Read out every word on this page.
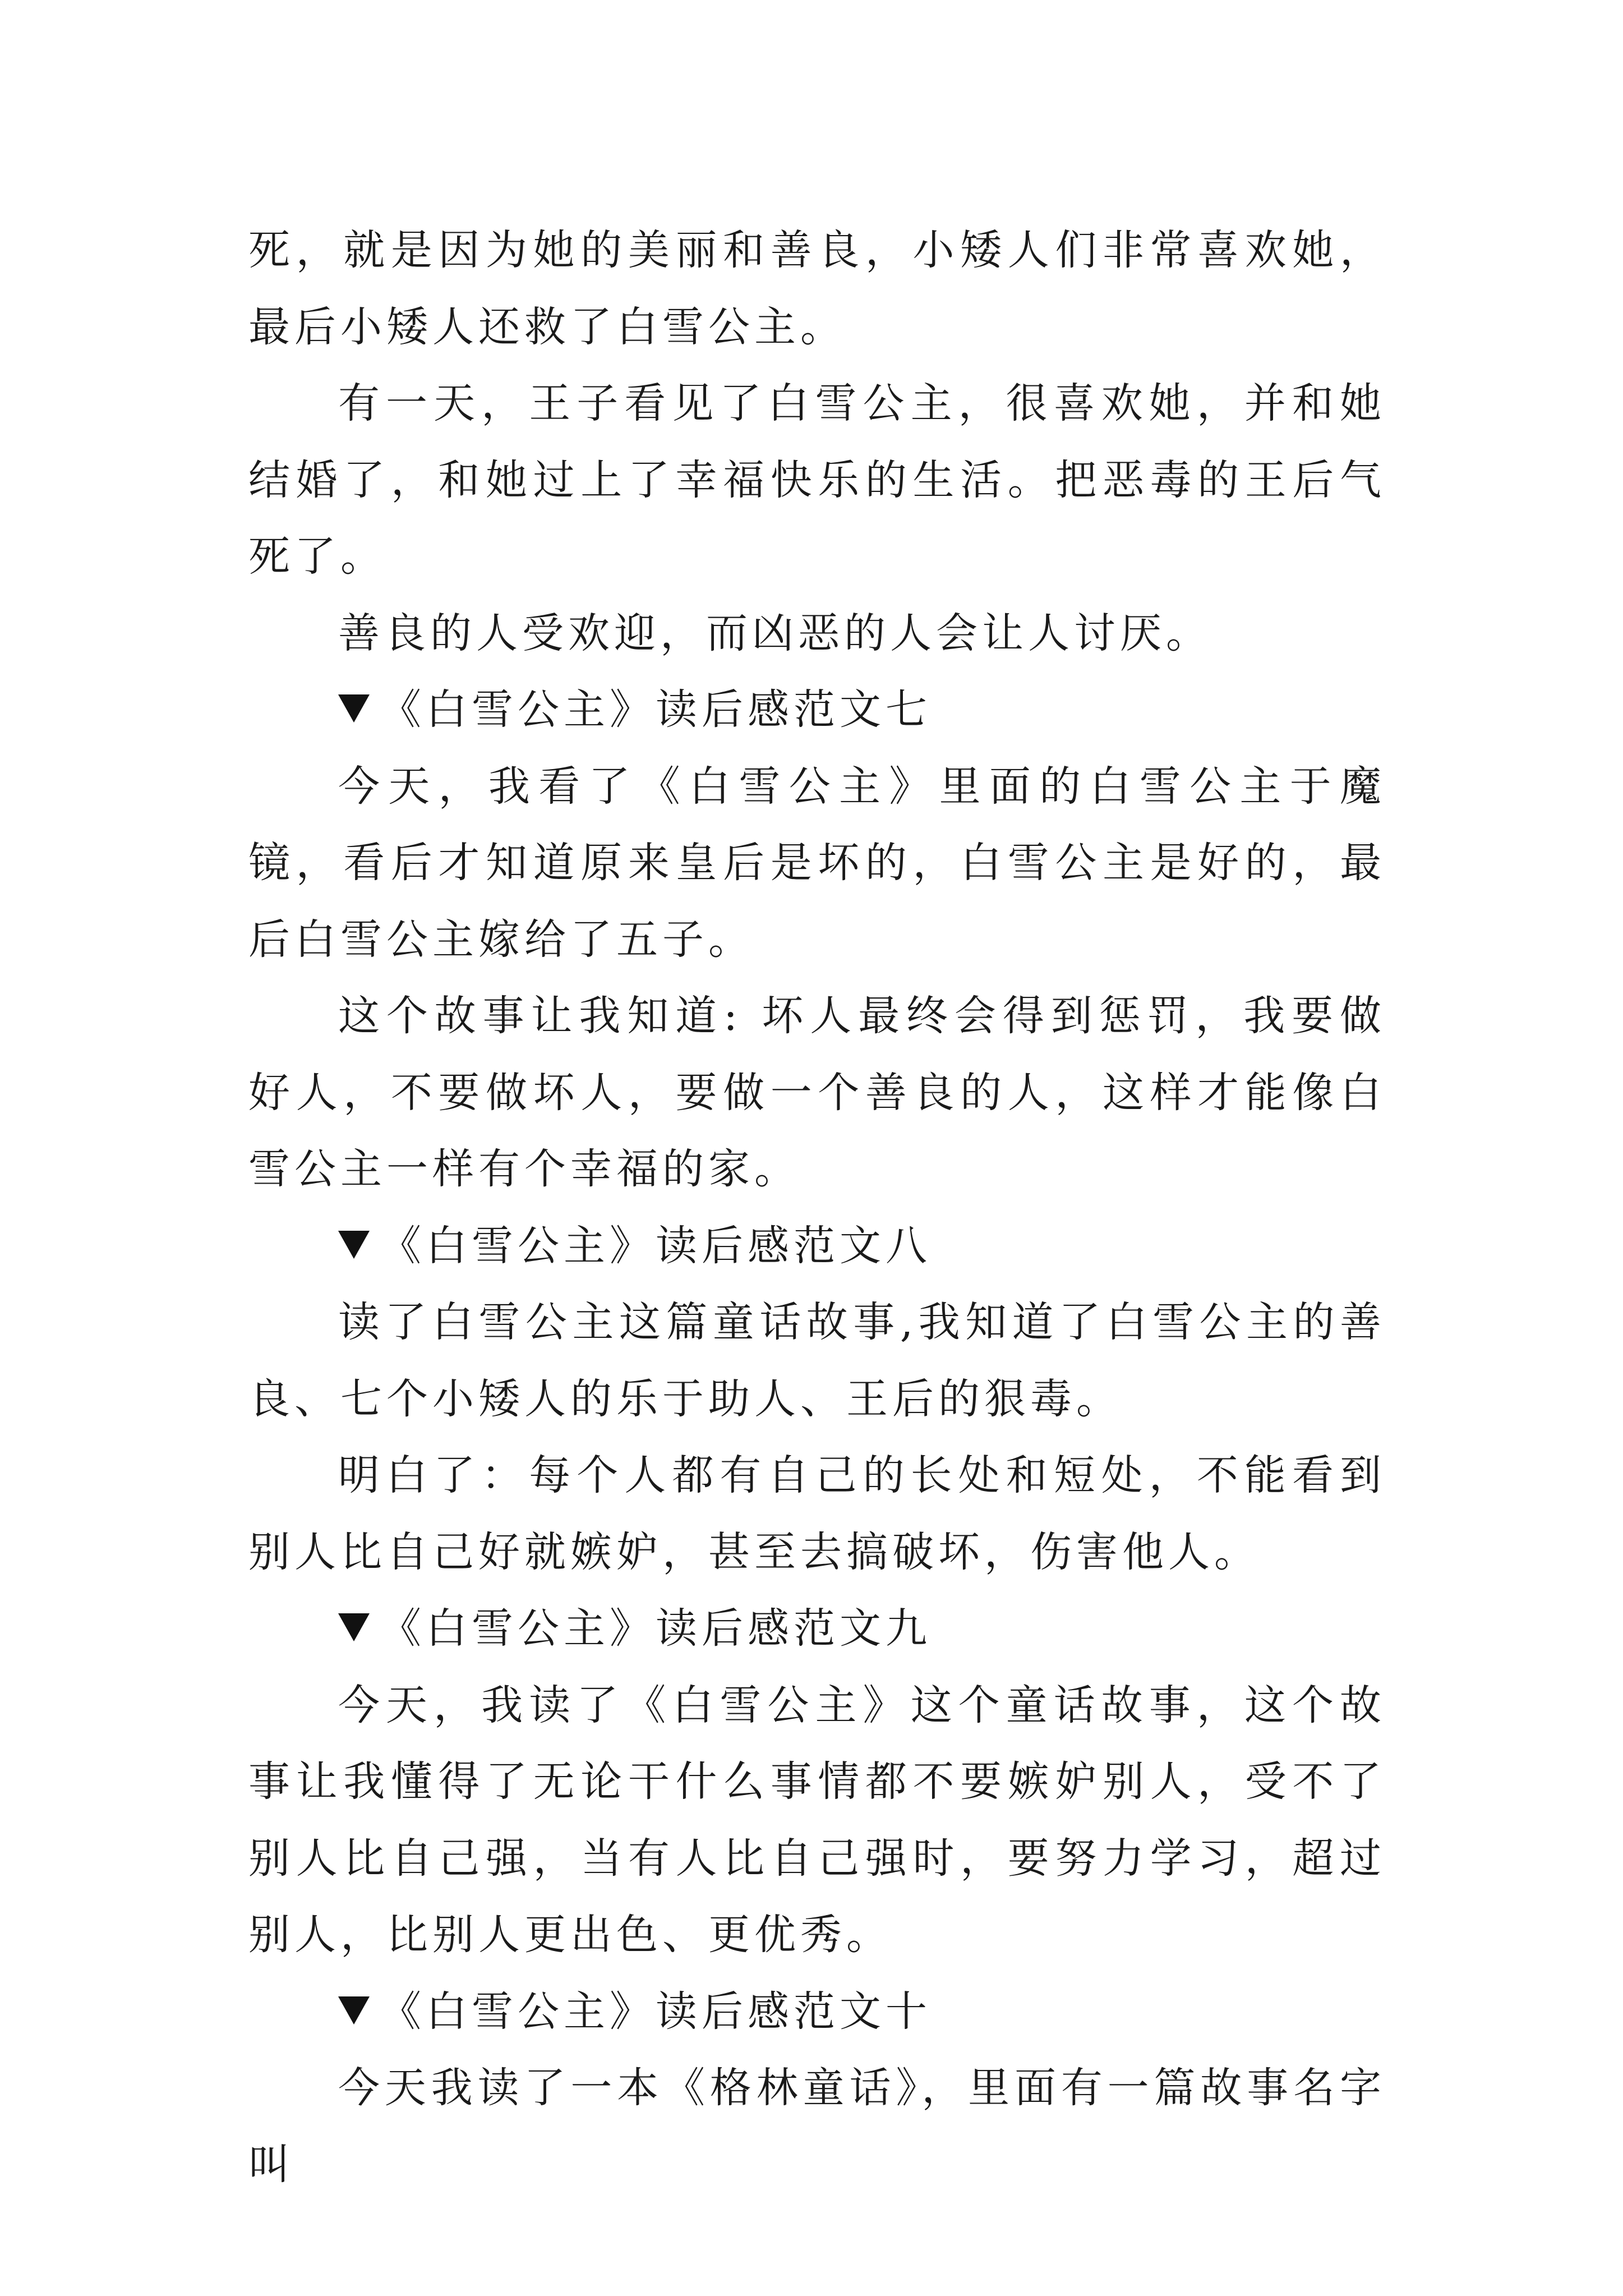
死，就是因为她的美丽和善良，小矮人们非常喜欢她，最后小矮人还救了白雪公主。

有一天，王子看见了白雪公主，很喜欢她，并和她结婚了，和她过上了幸福快乐的生活。把恶毒的王后气死了。

善良的人受欢迎，而凶恶的人会让人讨厌。

《白雪公主》读后感范文七

今天，我看了《白雪公主》里面的白雪公主于魔镜，看后才知道原来皇后是坏的，白雪公主是好的，最后白雪公主嫁给了五子。

这个故事让我知道: 坏人最终会得到惩罚，我要做好人，不要做坏人，要做一个善良的人，这样才能像白雪公主一样有个幸福的家。

《白雪公主》读后感范文八

读了白雪公主这篇童话故事,我知道了白雪公主的善良、七个小矮人的乐于助人、王后的狠毒。

明白了：每个人都有自己的长处和短处，不能看到别人比自己好就嫉妒，甚至去搞破坏，伤害他人。

《白雪公主》读后感范文九

今天，我读了《白雪公主》这个童话故事，这个故事让我懂得了无论干什么事情都不要嫉妒别人，受不了别人比自己强，当有人比自己强时，要努力学习，超过别人，比别人更出色、更优秀。

《白雪公主》读后感范文十

今天我读了一本《格林童话》，里面有一篇故事名字叫
